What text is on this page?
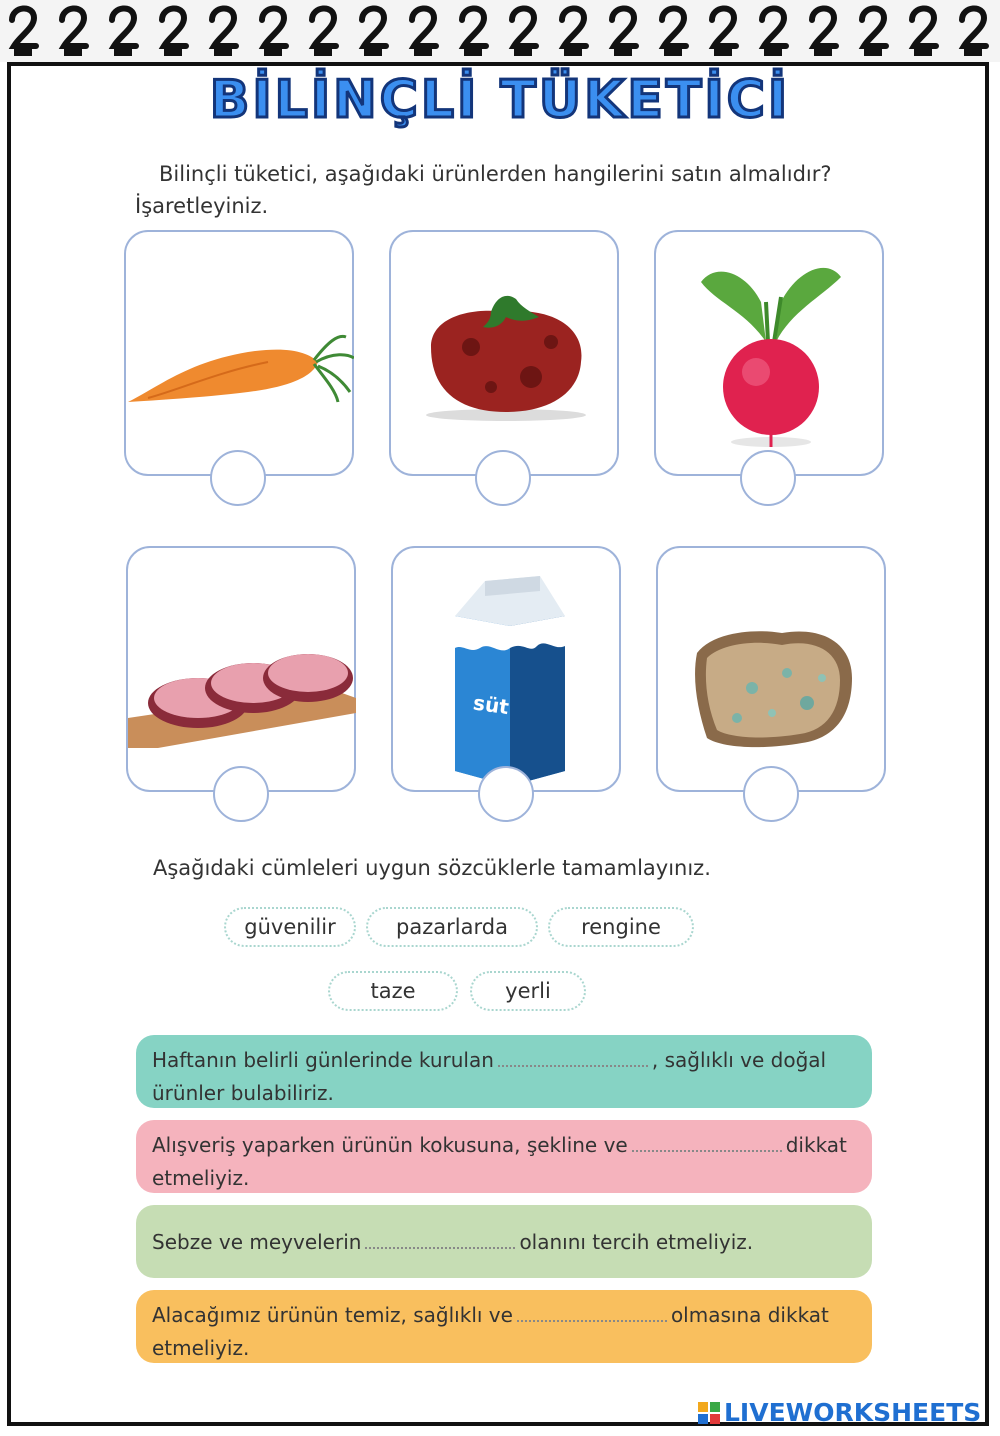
BİLİNÇLİ TÜKETİCİ
Bilinçli tüketici, aşağıdaki ürünlerden hangilerini satın almalıdır? İşaretleyiniz.
süt
Aşağıdaki cümleleri uygun sözcüklerle tamamlayınız.
güvenilir	pazarlarda	rengine
taze	yerli
Haftanın belirli günlerinde kurulan	, sağlıklı ve doğal ürünler bulabiliriz.
Alışveriş yaparken ürünün kokusuna, şekline ve	dikkat etmeliyiz.
Sebze ve meyvelerin	olanını tercih etmeliyiz.
Alacağımız ürünün temiz, sağlıklı ve	olmasına dikkat etmeliyiz.
LIVEWORKSHEETS
